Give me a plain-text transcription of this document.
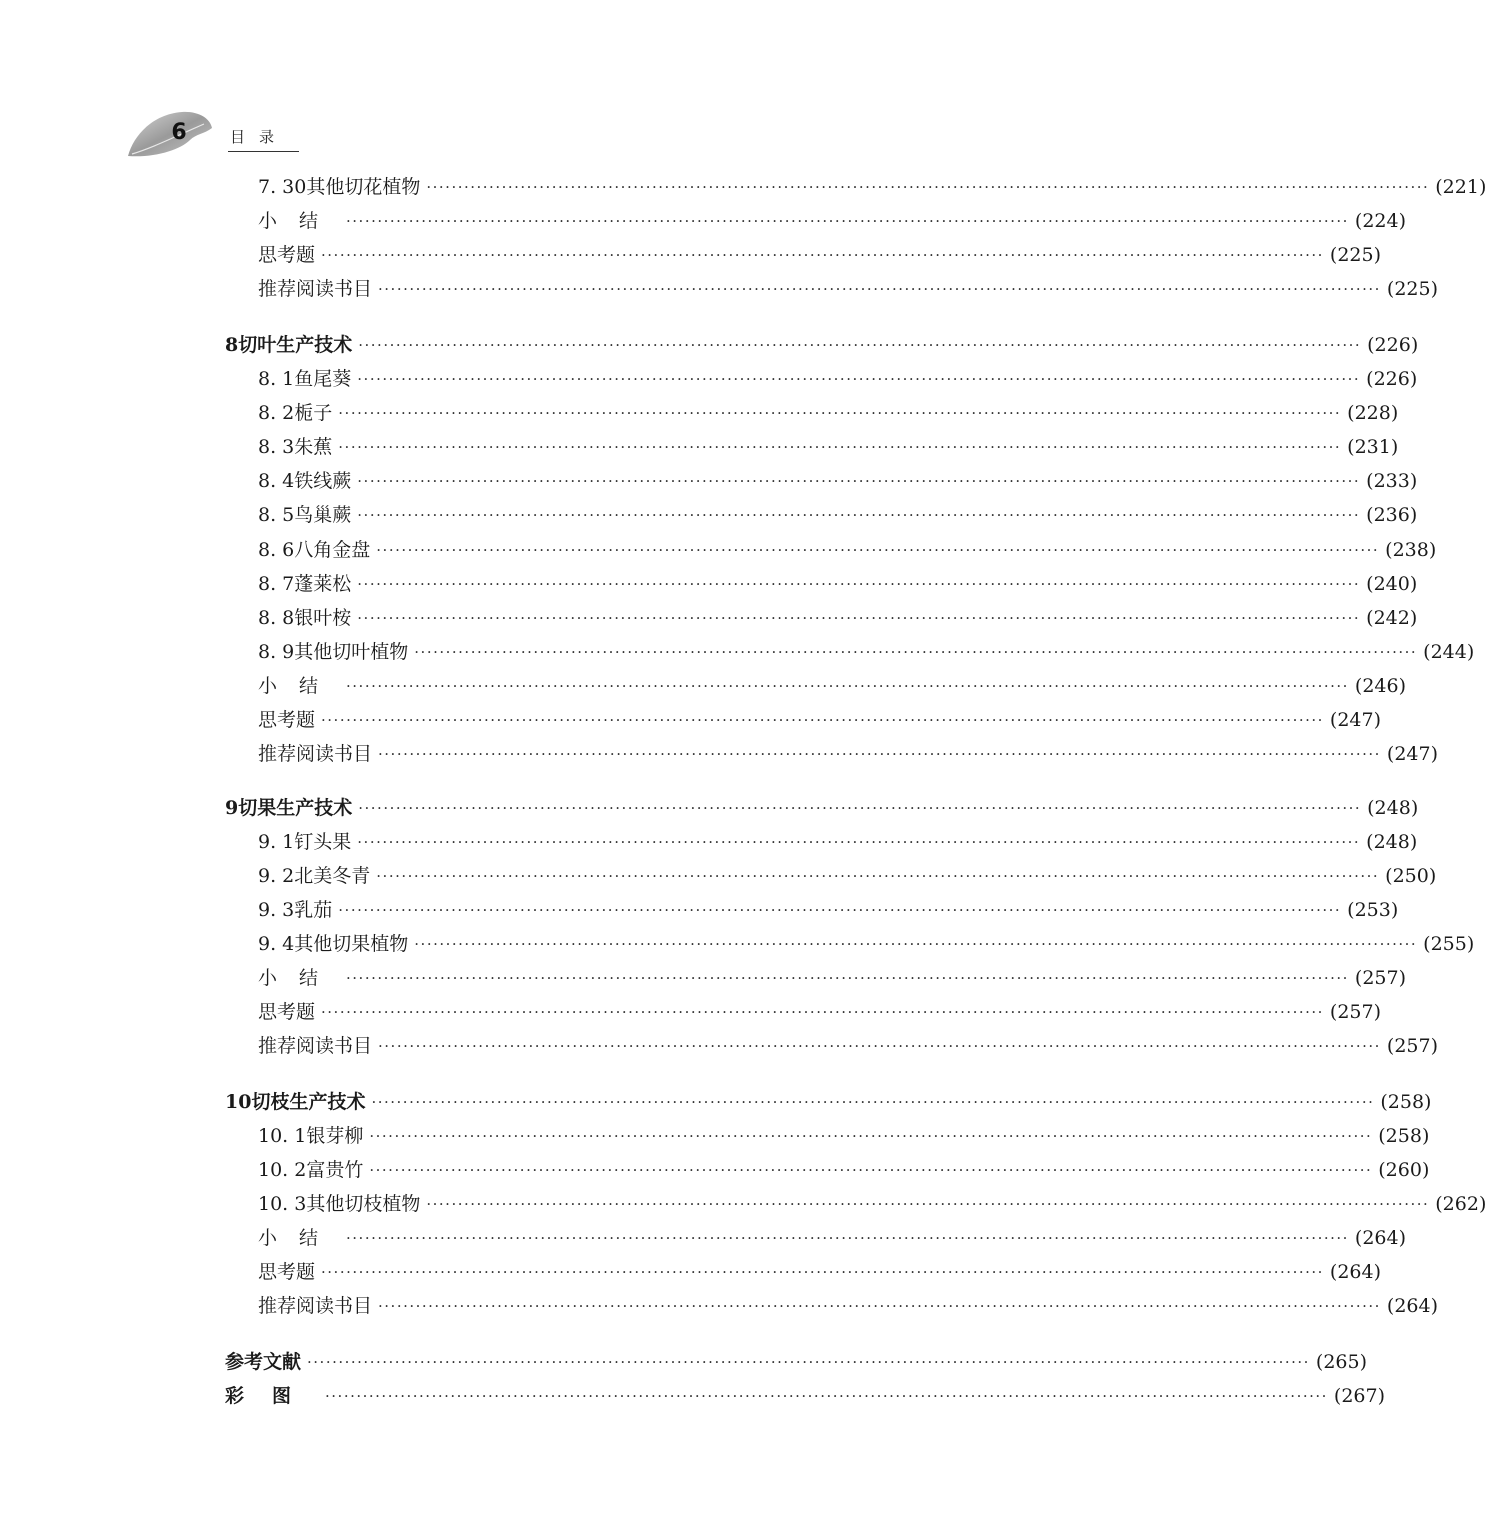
6	目录
7. 30 其他切花植物 ································································································································································ (221)
小结 ································································································································································ (224)
思考题 ································································································································································ (225)
推荐阅读书目 ································································································································································ (225)
8 切叶生产技术 ································································································································································ (226)
8. 1 鱼尾葵 ································································································································································ (226)
8. 2 栀子 ································································································································································ (228)
8. 3 朱蕉 ································································································································································ (231)
8. 4 铁线蕨 ································································································································································ (233)
8. 5 鸟巢蕨 ································································································································································ (236)
8. 6 八角金盘 ································································································································································ (238)
8. 7 蓬莱松 ································································································································································ (240)
8. 8 银叶桉 ································································································································································ (242)
8. 9 其他切叶植物 ································································································································································ (244)
小结 ································································································································································ (246)
思考题 ································································································································································ (247)
推荐阅读书目 ································································································································································ (247)
9 切果生产技术 ································································································································································ (248)
9. 1 钉头果 ································································································································································ (248)
9. 2 北美冬青 ································································································································································ (250)
9. 3 乳茄 ································································································································································ (253)
9. 4 其他切果植物 ································································································································································ (255)
小结 ································································································································································ (257)
思考题 ································································································································································ (257)
推荐阅读书目 ································································································································································ (257)
10 切枝生产技术 ································································································································································ (258)
10. 1 银芽柳 ································································································································································ (258)
10. 2 富贵竹 ································································································································································ (260)
10. 3 其他切枝植物 ································································································································································ (262)
小结 ································································································································································ (264)
思考题 ································································································································································ (264)
推荐阅读书目 ································································································································································ (264)
参考文献 ································································································································································ (265)
彩图 ································································································································································ (267)
